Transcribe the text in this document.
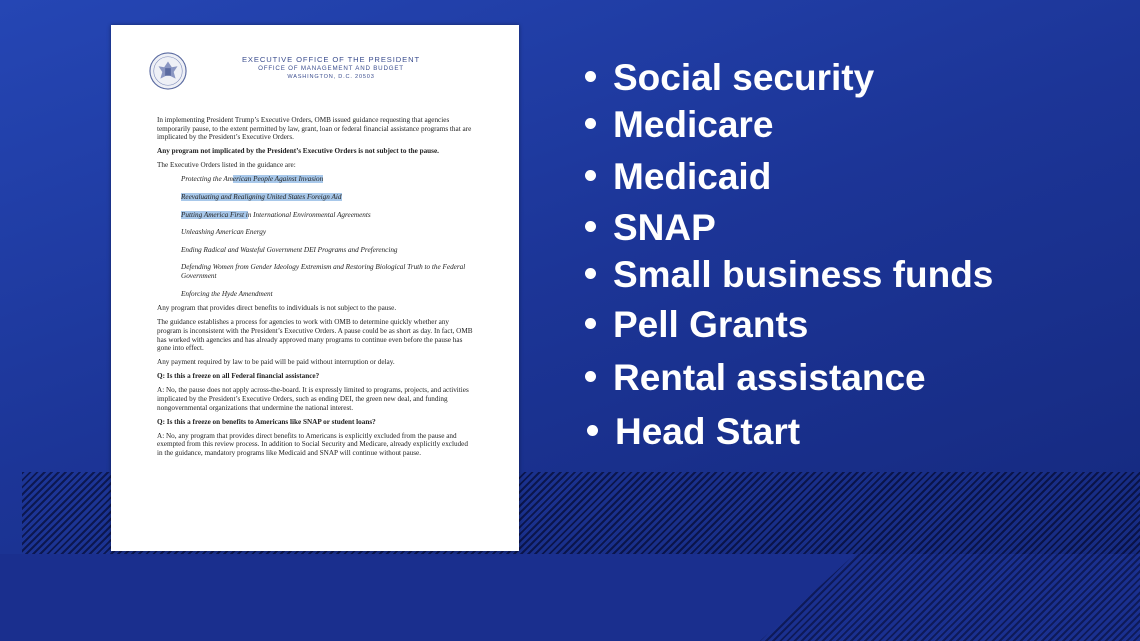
EXECUTIVE OFFICE OF THE PRESIDENT
OFFICE OF MANAGEMENT AND BUDGET
WASHINGTON, D.C. 20503

In implementing President Trump’s Executive Orders, OMB issued guidance requesting that agencies temporarily pause, to the extent permitted by law, grant, loan or federal financial assistance programs that are implicated by the President’s Executive Orders.

Any program not implicated by the President’s Executive Orders is not subject to the pause.

The Executive Orders listed in the guidance are:

Protecting the American People Against Invasion
Reevaluating and Realigning United States Foreign Aid
Putting America First in International Environmental Agreements
Unleashing American Energy
Ending Radical and Wasteful Government DEI Programs and Preferencing
Defending Women from Gender Ideology Extremism and Restoring Biological Truth to the Federal Government
Enforcing the Hyde Amendment

Any program that provides direct benefits to individuals is not subject to the pause.

The guidance establishes a process for agencies to work with OMB to determine quickly whether any program is inconsistent with the President’s Executive Orders. A pause could be as short as day. In fact, OMB has worked with agencies and has already approved many programs to continue even before the pause has gone into effect.

Any payment required by law to be paid will be paid without interruption or delay.

Q: Is this a freeze on all Federal financial assistance?

A: No, the pause does not apply across-the-board. It is expressly limited to programs, projects, and activities implicated by the President’s Executive Orders, such as ending DEI, the green new deal, and funding nongovernmental organizations that undermine the national interest.

Q: Is this a freeze on benefits to Americans like SNAP or student loans?

A: No, any program that provides direct benefits to Americans is explicitly excluded from the pause and exempted from this review process. In addition to Social Security and Medicare, already explicitly excluded in the guidance, mandatory programs like Medicaid and SNAP will continue without pause.

Social security
Medicare
Medicaid
SNAP
Small business funds
Pell Grants
Rental assistance
Head Start
